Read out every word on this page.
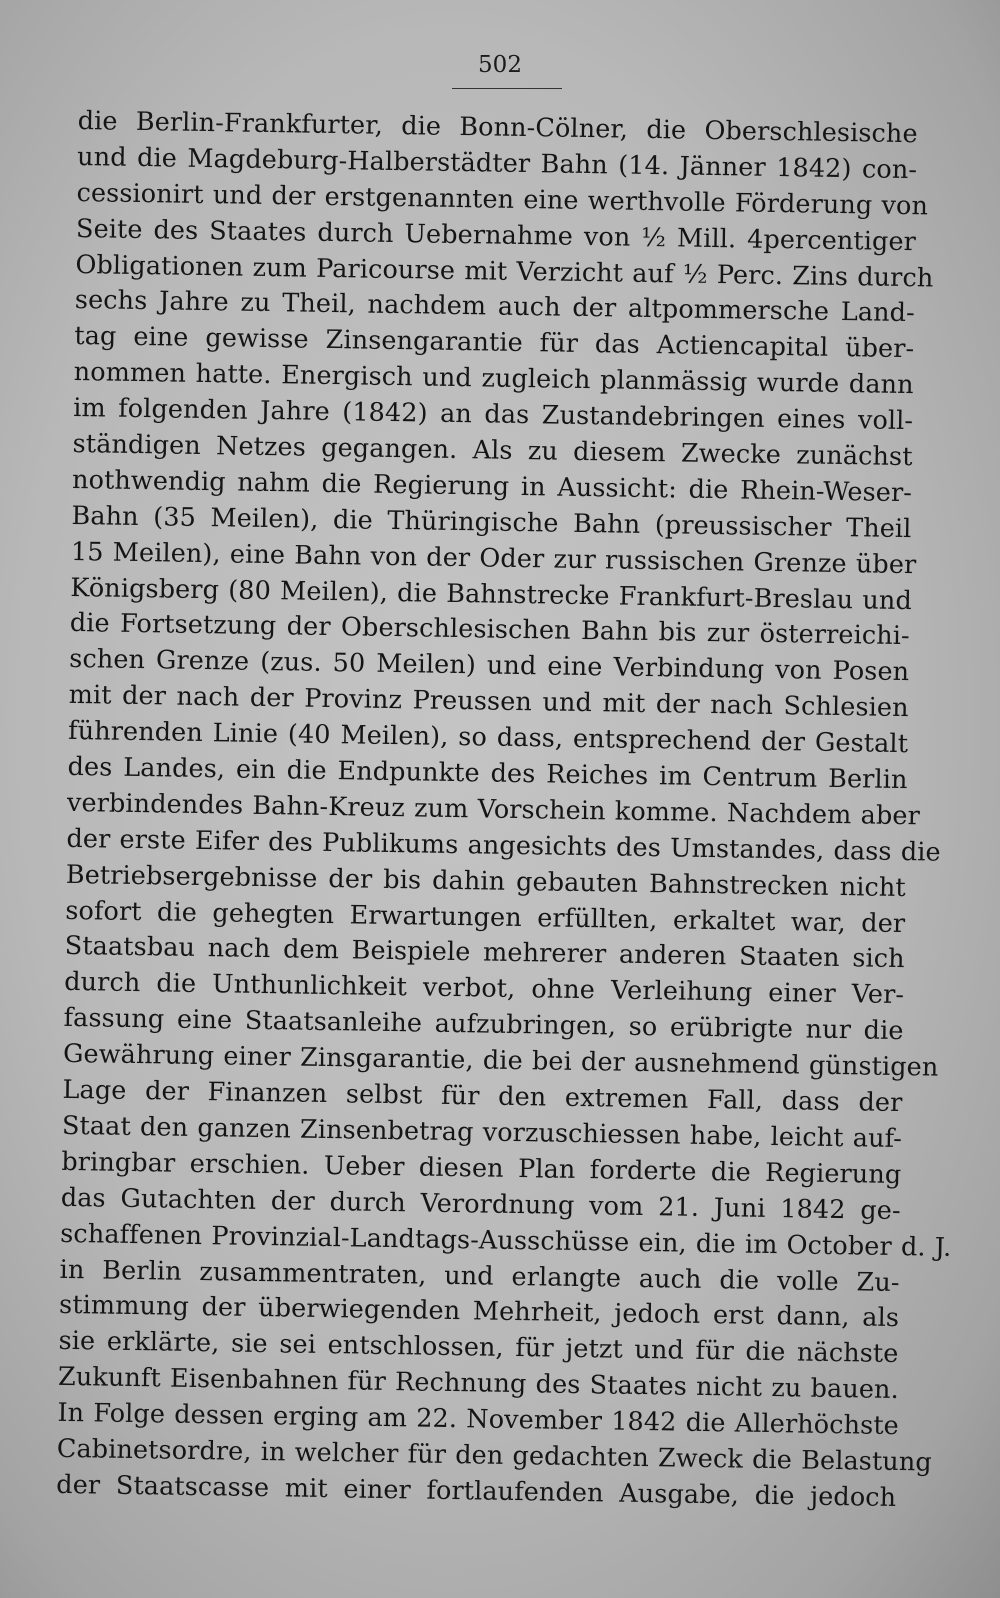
502
die Berlin-Frankfurter, die Bonn-Cölner, die Oberschlesische
und die Magdeburg-Halberstädter Bahn (14. Jänner 1842) con-
cessionirt und der erstgenannten eine werthvolle Förderung von
Seite des Staates durch Uebernahme von ½ Mill. 4percentiger
Obligationen zum Paricourse mit Verzicht auf ½ Perc. Zins durch
sechs Jahre zu Theil, nachdem auch der altpommersche Land-
tag eine gewisse Zinsengarantie für das Actiencapital über-
nommen hatte. Energisch und zugleich planmässig wurde dann
im folgenden Jahre (1842) an das Zustandebringen eines voll-
ständigen Netzes gegangen. Als zu diesem Zwecke zunächst
nothwendig nahm die Regierung in Aussicht: die Rhein-Weser-
Bahn (35 Meilen), die Thüringische Bahn (preussischer Theil
15 Meilen), eine Bahn von der Oder zur russischen Grenze über
Königsberg (80 Meilen), die Bahnstrecke Frankfurt-Breslau und
die Fortsetzung der Oberschlesischen Bahn bis zur österreichi-
schen Grenze (zus. 50 Meilen) und eine Verbindung von Posen
mit der nach der Provinz Preussen und mit der nach Schlesien
führenden Linie (40 Meilen), so dass, entsprechend der Gestalt
des Landes, ein die Endpunkte des Reiches im Centrum Berlin
verbindendes Bahn-Kreuz zum Vorschein komme. Nachdem aber
der erste Eifer des Publikums angesichts des Umstandes, dass die
Betriebsergebnisse der bis dahin gebauten Bahnstrecken nicht
sofort die gehegten Erwartungen erfüllten, erkaltet war, der
Staatsbau nach dem Beispiele mehrerer anderen Staaten sich
durch die Unthunlichkeit verbot, ohne Verleihung einer Ver-
fassung eine Staatsanleihe aufzubringen, so erübrigte nur die
Gewährung einer Zinsgarantie, die bei der ausnehmend günstigen
Lage der Finanzen selbst für den extremen Fall, dass der
Staat den ganzen Zinsenbetrag vorzuschiessen habe, leicht auf-
bringbar erschien. Ueber diesen Plan forderte die Regierung
das Gutachten der durch Verordnung vom 21. Juni 1842 ge-
schaffenen Provinzial-Landtags-Ausschüsse ein, die im October d. J.
in Berlin zusammentraten, und erlangte auch die volle Zu-
stimmung der überwiegenden Mehrheit, jedoch erst dann, als
sie erklärte, sie sei entschlossen, für jetzt und für die nächste
Zukunft Eisenbahnen für Rechnung des Staates nicht zu bauen.
In Folge dessen erging am 22. November 1842 die Allerhöchste
Cabinetsordre, in welcher für den gedachten Zweck die Belastung
der Staatscasse mit einer fortlaufenden Ausgabe, die jedoch
